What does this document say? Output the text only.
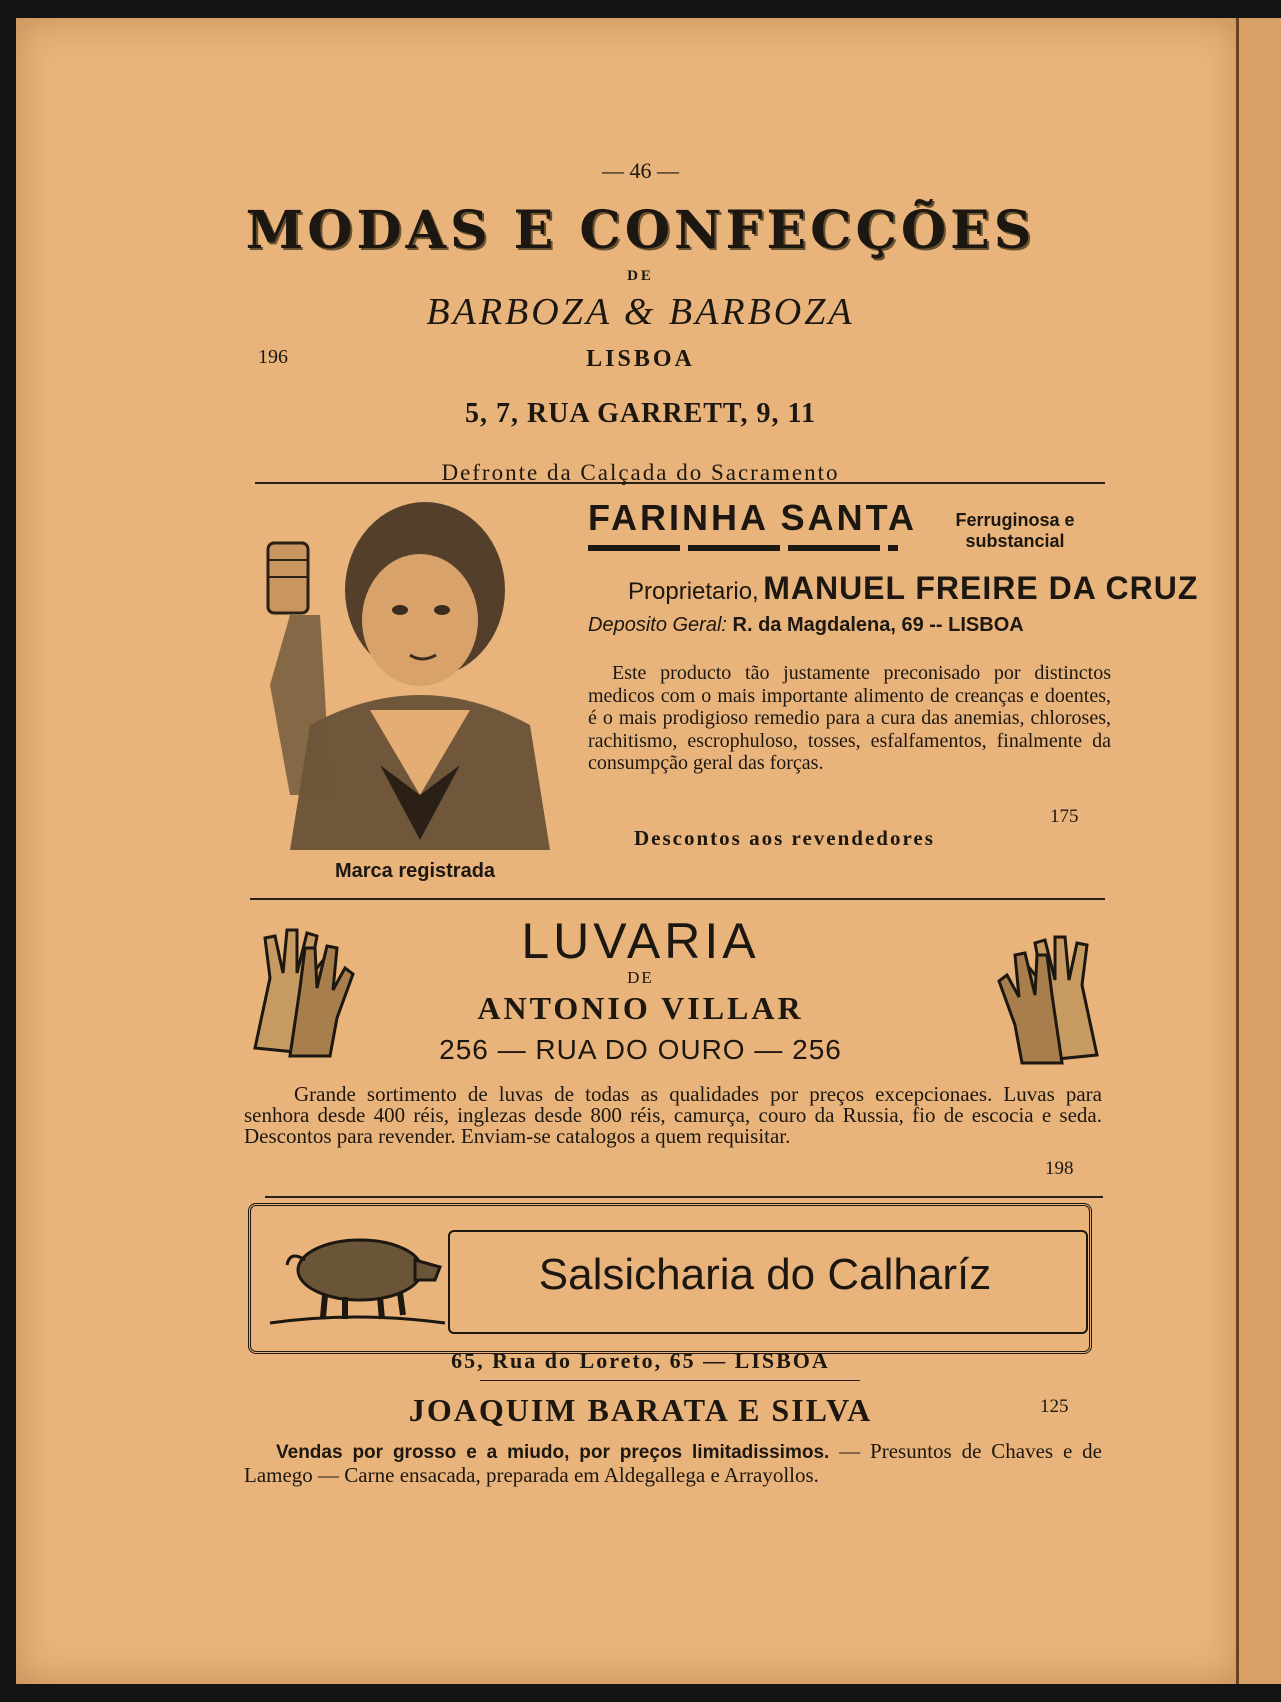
— 46 —
MODAS E CONFECÇÕES
DE
BARBOZA & BARBOZA
196	LISBOA
5, 7, RUA GARRETT, 9, 11
Defronte da Calçada do Sacramento
FARINHA SANTA	Ferruginosa e substancial
Proprietario, MANUEL FREIRE DA CRUZ
Deposito Geral: R. da Magdalena, 69 -- LISBOA
Este producto tão justamente preconisado por distinctos medicos com o mais importante alimento de creanças e doentes, é o mais prodigioso remedio para a cura das anemias, chloroses, rachitismo, escrophuloso, tosses, esfalfamentos, finalmente da consumpção geral das forças.
175
Descontos aos revendedores
Marca registrada
LUVARIA
DE
ANTONIO VILLAR
256 — RUA DO OURO — 256
Grande sortimento de luvas de todas as qualidades por preços excepcionaes. Luvas para senhora desde 400 réis, inglezas desde 800 réis, camurça, couro da Russia, fio de escocia e seda. Descontos para revender. Enviam-se catalogos a quem requisitar.
198
Salsicharia do Calharíz
65, Rua do Loreto, 65 — LISBOA
JOAQUIM BARATA E SILVA	125
Vendas por grosso e a miudo, por preços limitadissimos. — Presuntos de Chaves e de Lamego — Carne ensacada, preparada em Aldegallega e Arrayollos.
